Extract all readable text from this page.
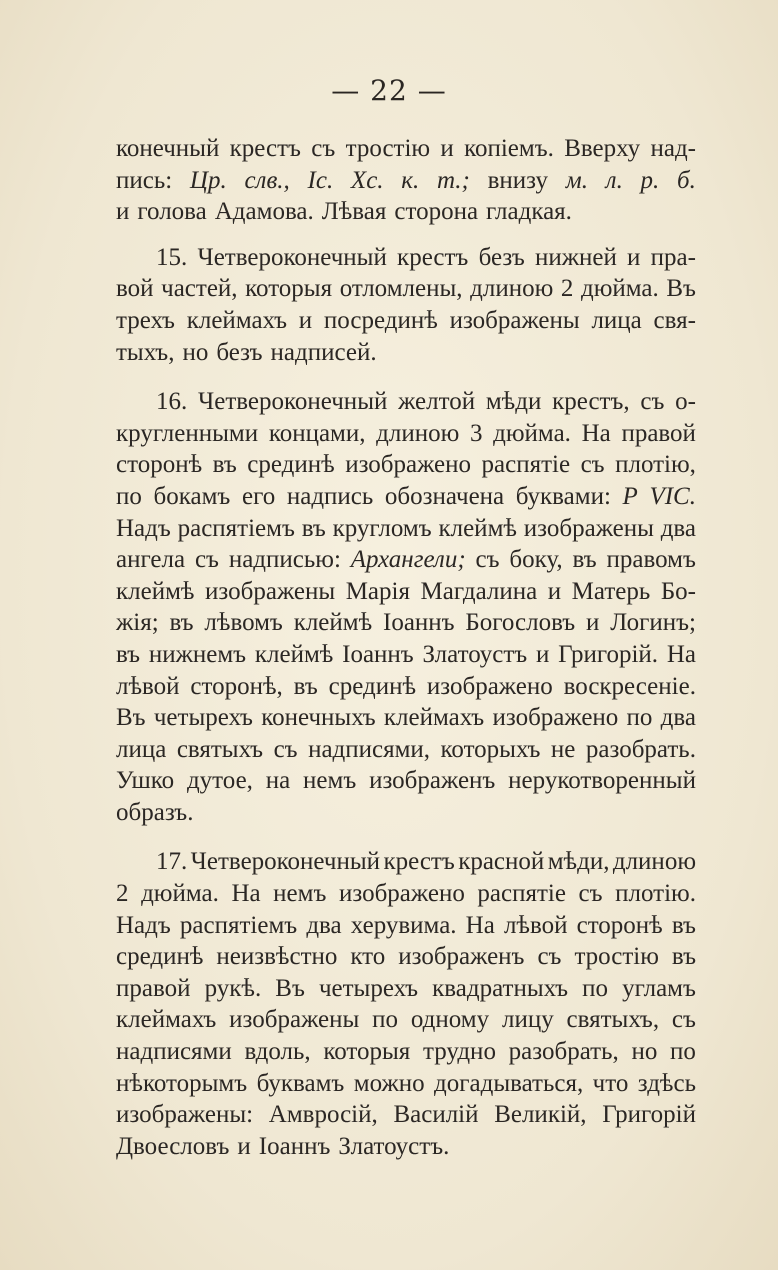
— 22 —
конечный крестъ съ тростію и копіемъ. Вверху над-
пись: Цр. слв., Іс. Хс. к. т.; внизу м. л. р. б.
и голова Адамова. Лѣвая сторона гладкая.
15. Четвероконечный крестъ безъ нижней и пра-
вой частей, которыя отломлены, длиною 2 дюйма. Въ
трехъ клеймахъ и посрединѣ изображены лица свя-
тыхъ, но безъ надписей.
16. Четвероконечный желтой мѣди крестъ, съ о-
кругленными концами, длиною 3 дюйма. На правой
сторонѣ въ срединѣ изображено распятіе съ плотію,
по бокамъ его надпись обозначена буквами: Р VIС.
Надъ распятіемъ въ кругломъ клеймѣ изображены два
ангела съ надписью: Архангели; съ боку, въ правомъ
клеймѣ изображены Марія Магдалина и Матерь Бо-
жія; въ лѣвомъ клеймѣ Іоаннъ Богословъ и Логинъ;
въ нижнемъ клеймѣ Іоаннъ Златоустъ и Григорій. На
лѣвой сторонѣ, въ срединѣ изображено воскресеніе.
Въ четырехъ конечныхъ клеймахъ изображено по два
лица святыхъ съ надписями, которыхъ не разобрать.
Ушко дутое, на немъ изображенъ нерукотворенный
образъ.
17. Четвероконечный крестъ красной мѣди, длиною
2 дюйма. На немъ изображено распятіе съ плотію.
Надъ распятіемъ два херувима. На лѣвой сторонѣ въ
срединѣ неизвѣстно кто изображенъ съ тростію въ
правой рукѣ. Въ четырехъ квадратныхъ по угламъ
клеймахъ изображены по одному лицу святыхъ, съ
надписями вдоль, которыя трудно разобрать, но по
нѣкоторымъ буквамъ можно догадываться, что здѣсь
изображены: Амвросій, Василій Великій, Григорій
Двоесловъ и Іоаннъ Златоустъ.
